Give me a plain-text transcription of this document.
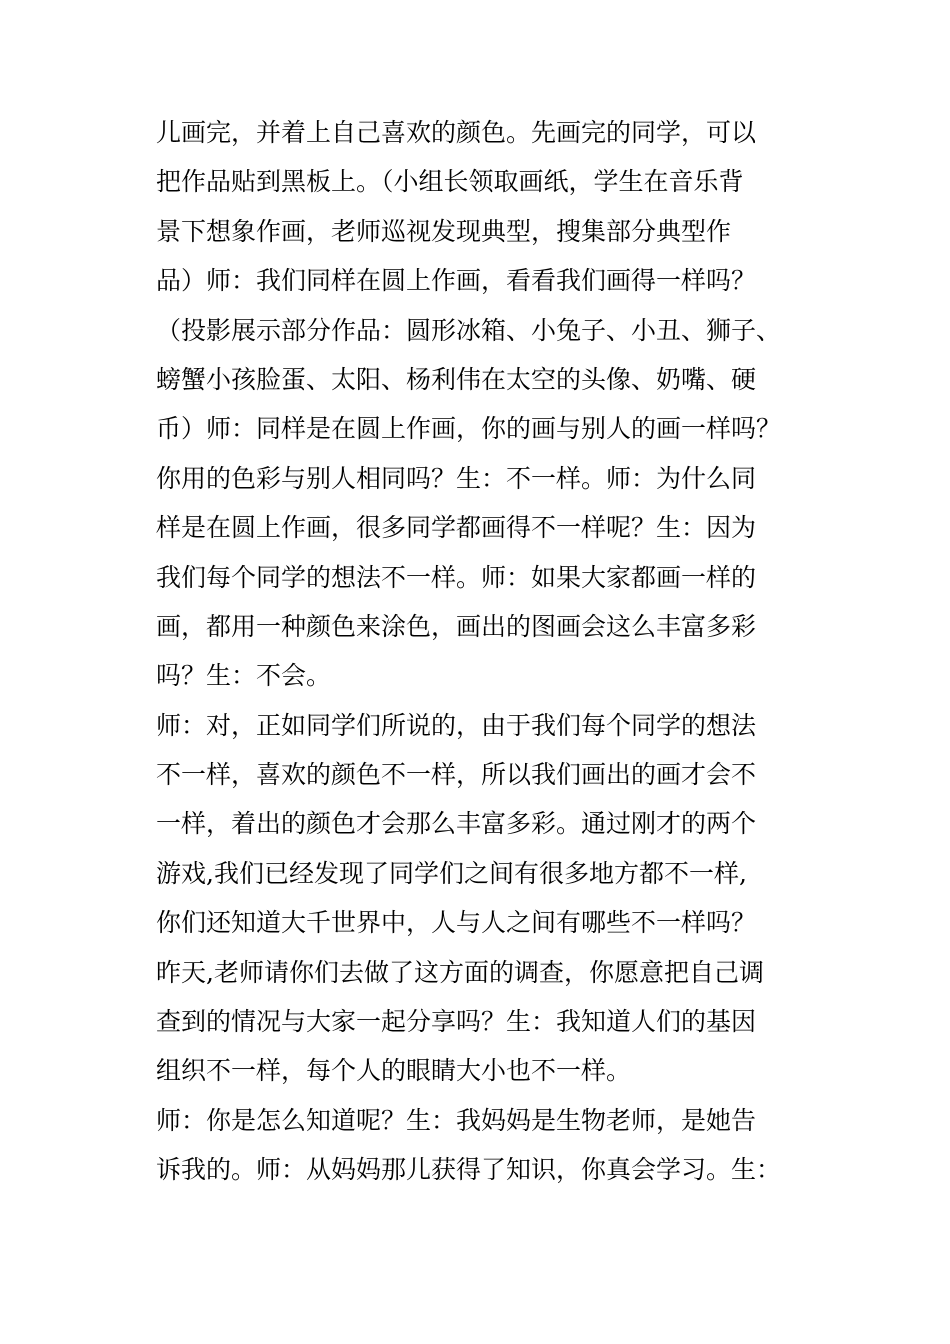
儿画完，并着上自己喜欢的颜色。先画完的同学，可以
把作品贴到黑板上。（小组长领取画纸，学生在音乐背
景下想象作画，老师巡视发现典型，搜集部分典型作
品）师：我们同样在圆上作画，看看我们画得一样吗？
（投影展示部分作品：圆形冰箱、小兔子、小丑、狮子、
螃蟹小孩脸蛋、太阳、杨利伟在太空的头像、奶嘴、硬
币）师：同样是在圆上作画，你的画与别人的画一样吗？
你用的色彩与别人相同吗？生：不一样。师：为什么同
样是在圆上作画，很多同学都画得不一样呢？生：因为
我们每个同学的想法不一样。师：如果大家都画一样的
画，都用一种颜色来涂色，画出的图画会这么丰富多彩
吗？生：不会。
师：对，正如同学们所说的，由于我们每个同学的想法
不一样，喜欢的颜色不一样，所以我们画出的画才会不
一样，着出的颜色才会那么丰富多彩。通过刚才的两个
游戏,我们已经发现了同学们之间有很多地方都不一样,
你们还知道大千世界中，人与人之间有哪些不一样吗？
昨天,老师请你们去做了这方面的调查，你愿意把自己调
查到的情况与大家一起分享吗？生：我知道人们的基因
组织不一样，每个人的眼睛大小也不一样。
师：你是怎么知道呢？生：我妈妈是生物老师，是她告
诉我的。师：从妈妈那儿获得了知识，你真会学习。生：
